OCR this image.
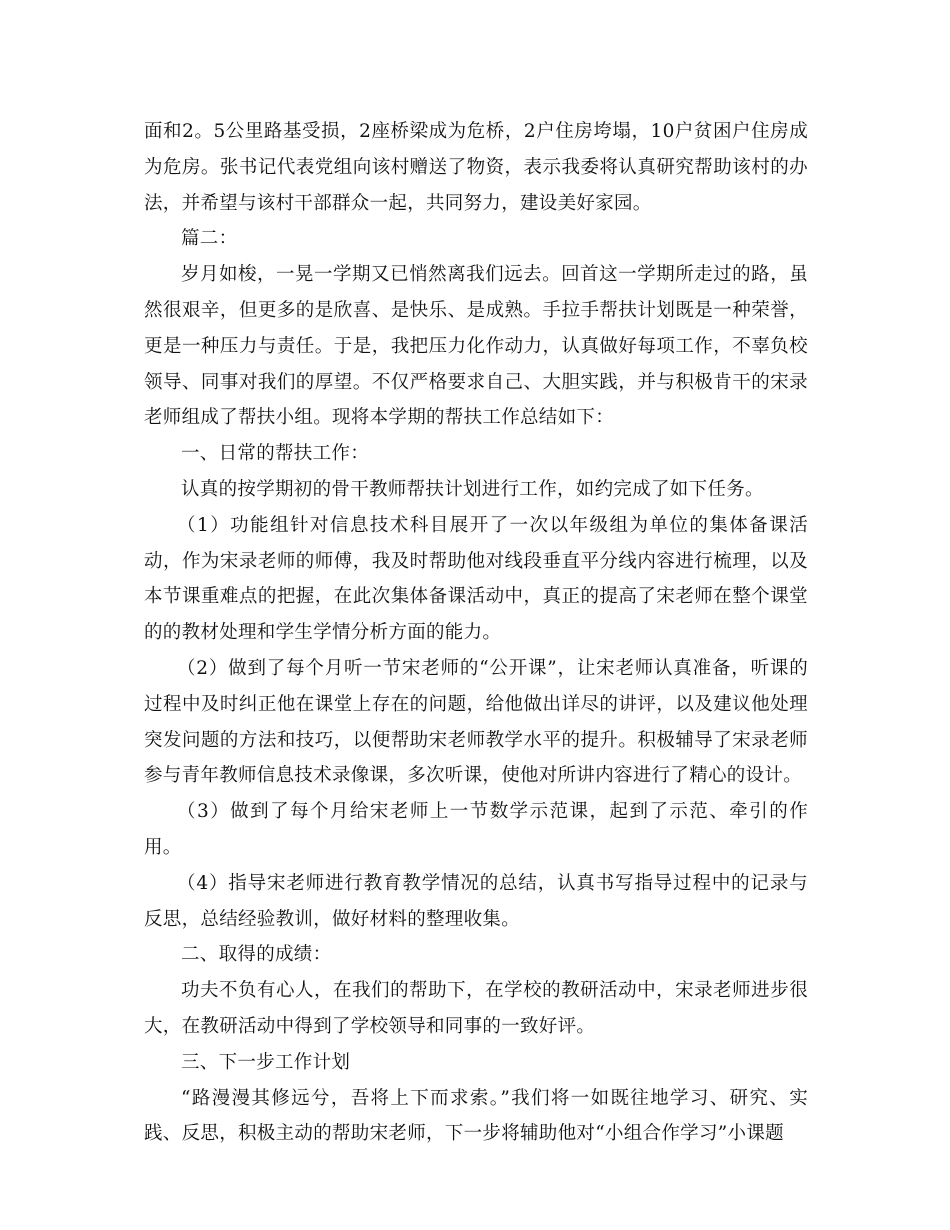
面和2。5公里路基受损，2座桥梁成为危桥，2户住房垮塌，10户贫困户住房成为危房。张书记代表党组向该村赠送了物资，表示我委将认真研究帮助该村的办法，并希望与该村干部群众一起，共同努力，建设美好家园。

篇二：

岁月如梭，一晃一学期又已悄然离我们远去。回首这一学期所走过的路，虽然很艰辛，但更多的是欣喜、是快乐、是成熟。手拉手帮扶计划既是一种荣誉，更是一种压力与责任。于是，我把压力化作动力，认真做好每项工作，不辜负校领导、同事对我们的厚望。不仅严格要求自己、大胆实践，并与积极肯干的宋录老师组成了帮扶小组。现将本学期的帮扶工作总结如下：

一、日常的帮扶工作：

认真的按学期初的骨干教师帮扶计划进行工作，如约完成了如下任务。

（1）功能组针对信息技术科目展开了一次以年级组为单位的集体备课活动，作为宋录老师的师傅，我及时帮助他对线段垂直平分线内容进行梳理，以及本节课重难点的把握，在此次集体备课活动中，真正的提高了宋老师在整个课堂的的教材处理和学生学情分析方面的能力。

（2）做到了每个月听一节宋老师的“公开课”，让宋老师认真准备，听课的过程中及时纠正他在课堂上存在的问题，给他做出详尽的讲评，以及建议他处理突发问题的方法和技巧，以便帮助宋老师教学水平的提升。积极辅导了宋录老师参与青年教师信息技术录像课，多次听课，使他对所讲内容进行了精心的设计。

（3）做到了每个月给宋老师上一节数学示范课，起到了示范、牵引的作用。

（4）指导宋老师进行教育教学情况的总结，认真书写指导过程中的记录与反思，总结经验教训，做好材料的整理收集。

二、取得的成绩：

功夫不负有心人，在我们的帮助下，在学校的教研活动中，宋录老师进步很大，在教研活动中得到了学校领导和同事的一致好评。

三、下一步工作计划

“路漫漫其修远兮，吾将上下而求索。”我们将一如既往地学习、研究、实践、反思，积极主动的帮助宋老师，下一步将辅助他对“小组合作学习”小课题
